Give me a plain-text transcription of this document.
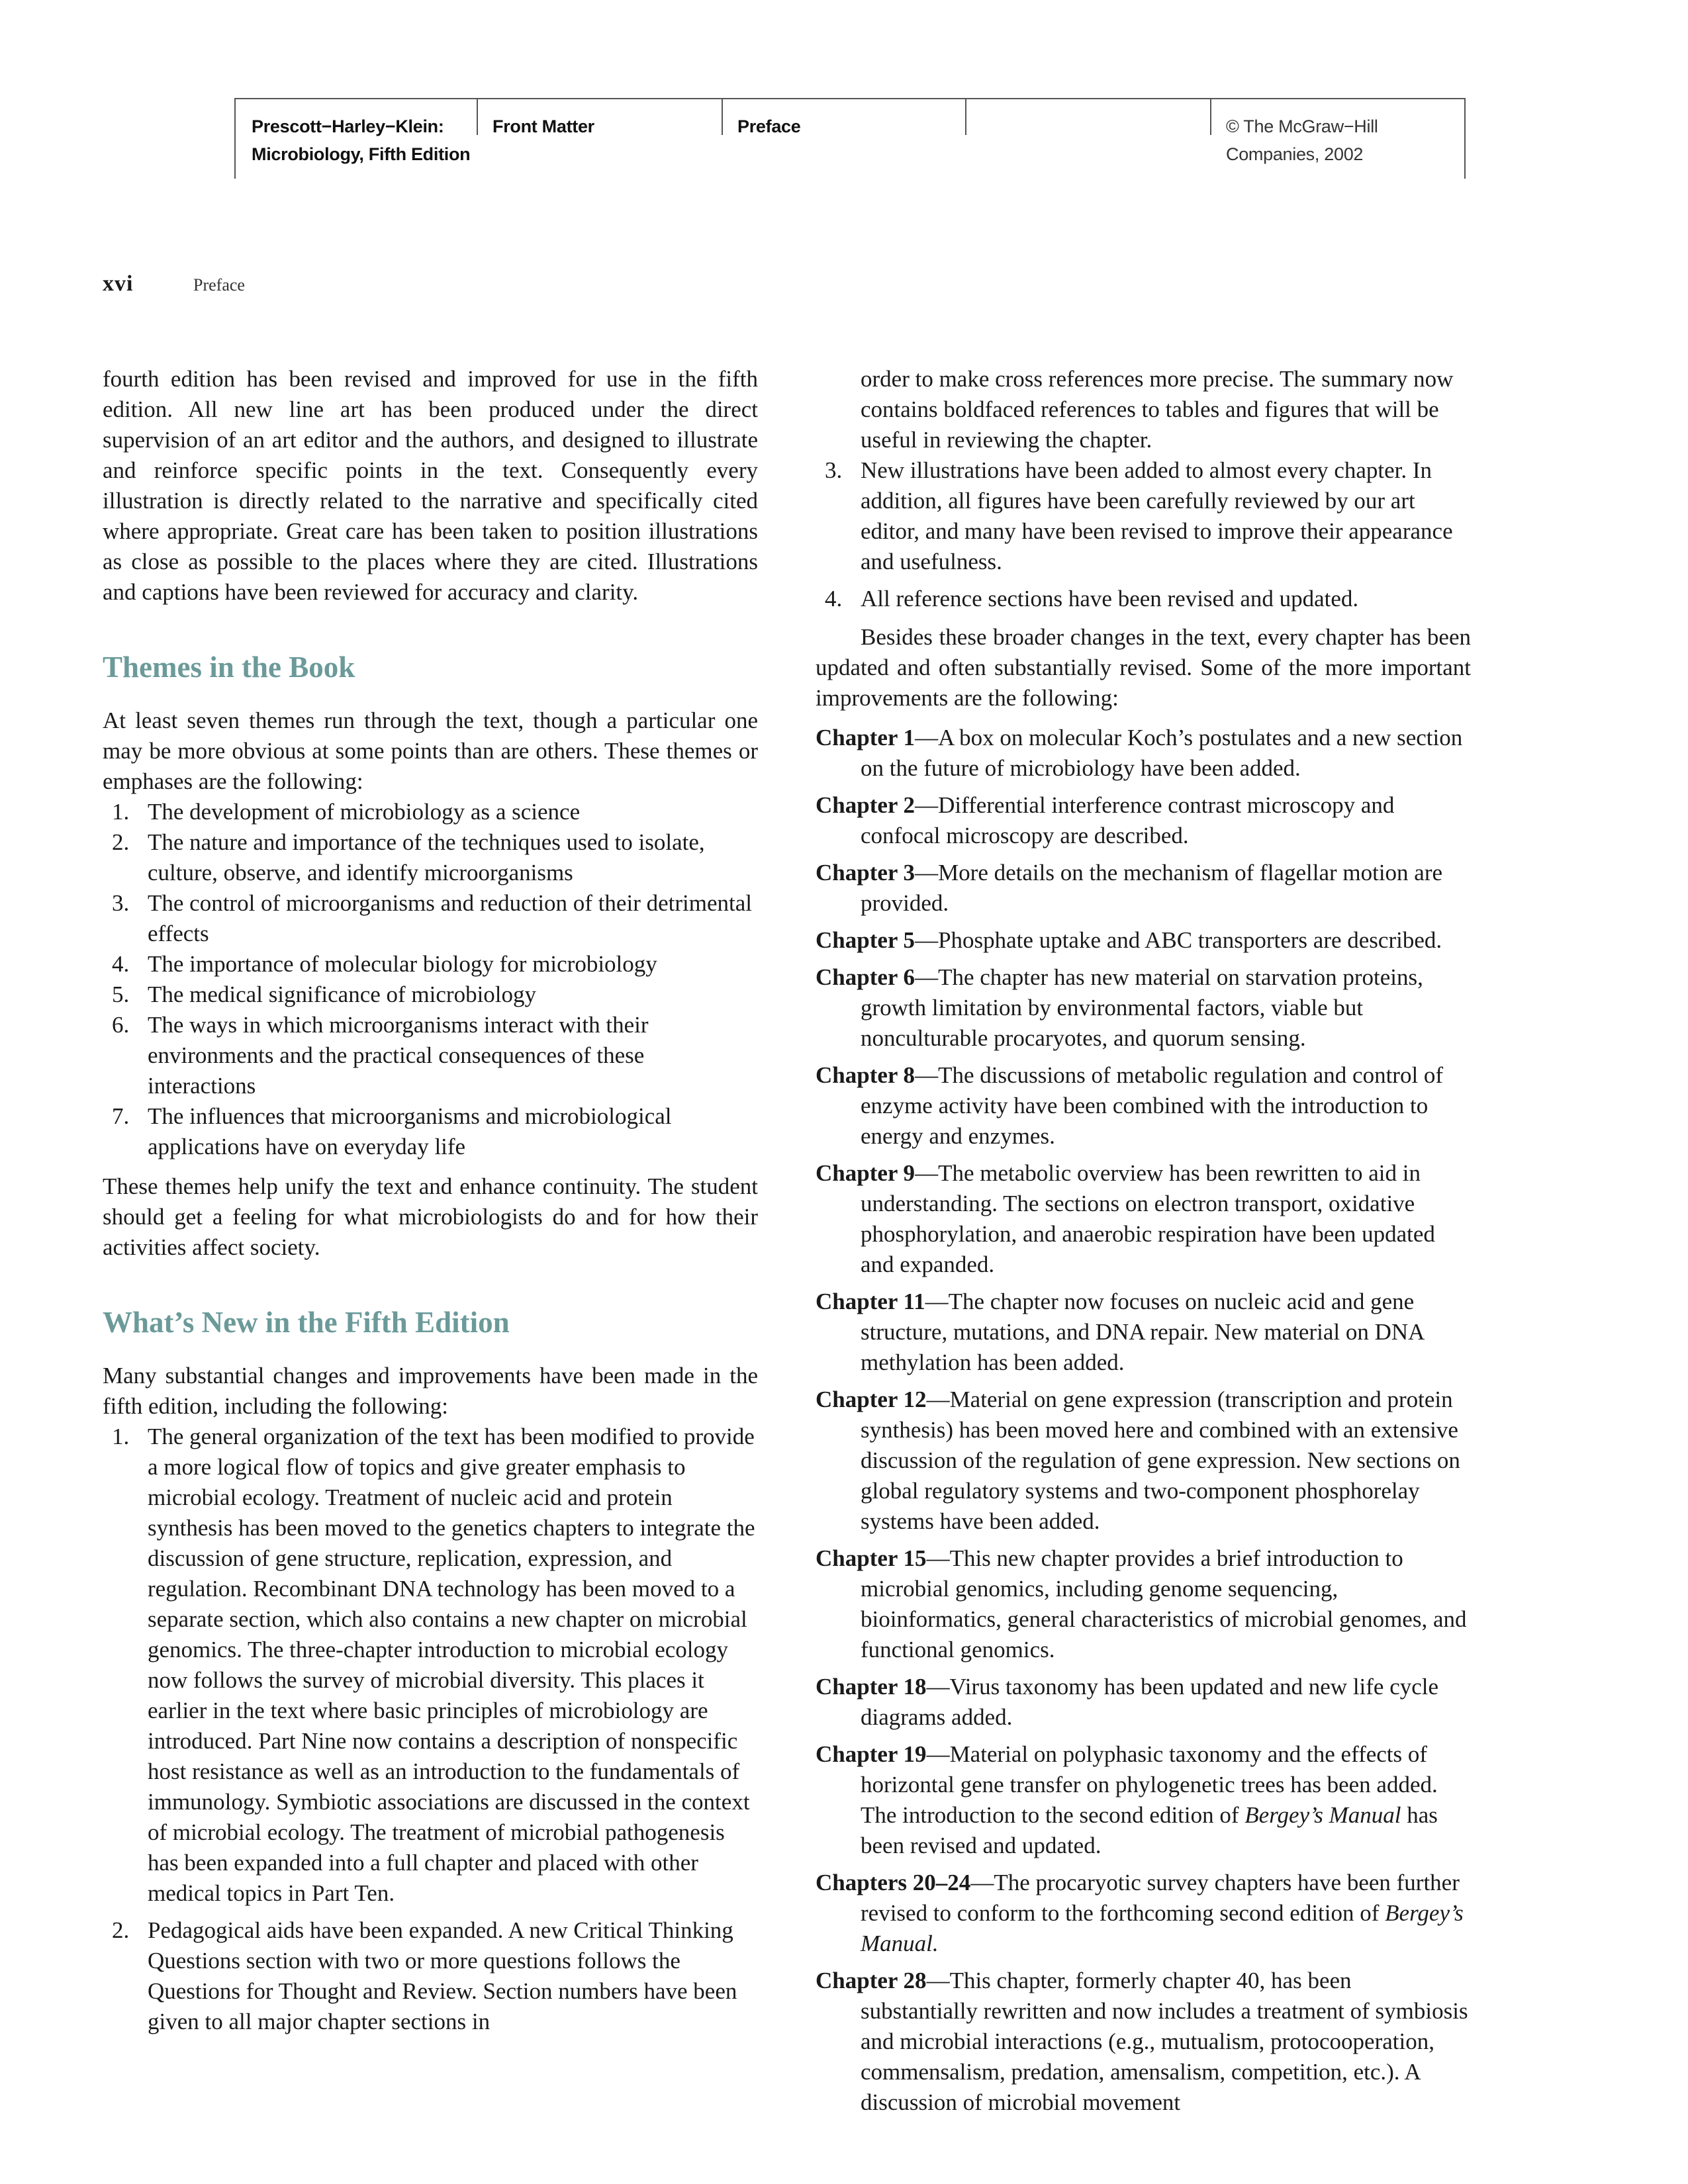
Prescott−Harley−Klein:
Microbiology, Fifth Edition
Front Matter	Preface	© The McGraw−Hill
Companies, 2002
xvi	Preface

fourth edition has been revised and improved for use in the fifth edition. All new line art has been produced under the direct supervision of an art editor and the authors, and designed to illustrate and reinforce specific points in the text. Consequently every illustration is directly related to the narrative and specifically cited where appropriate. Great care has been taken to position illustrations as close as possible to the places where they are cited. Illustrations and captions have been reviewed for accuracy and clarity.

Themes in the Book

At least seven themes run through the text, though a particular one may be more obvious at some points than are others. These themes or emphases are the following:

1. The development of microbiology as a science
2. The nature and importance of the techniques used to isolate, culture, observe, and identify microorganisms
3. The control of microorganisms and reduction of their detrimental effects
4. The importance of molecular biology for microbiology
5. The medical significance of microbiology
6. The ways in which microorganisms interact with their environments and the practical consequences of these interactions
7. The influences that microorganisms and microbiological applications have on everyday life

These themes help unify the text and enhance continuity. The student should get a feeling for what microbiologists do and for how their activities affect society.

What’s New in the Fifth Edition

Many substantial changes and improvements have been made in the fifth edition, including the following:

1. The general organization of the text has been modified to provide a more logical flow of topics and give greater emphasis to microbial ecology. Treatment of nucleic acid and protein synthesis has been moved to the genetics chapters to integrate the discussion of gene structure, replication, expression, and regulation. Recombinant DNA technology has been moved to a separate section, which also contains a new chapter on microbial genomics. The three-chapter introduction to microbial ecology now follows the survey of microbial diversity. This places it earlier in the text where basic principles of microbiology are introduced. Part Nine now contains a description of nonspecific host resistance as well as an introduction to the fundamentals of immunology. Symbiotic associations are discussed in the context of microbial ecology. The treatment of microbial pathogenesis has been expanded into a full chapter and placed with other medical topics in Part Ten.
2. Pedagogical aids have been expanded. A new Critical Thinking Questions section with two or more questions follows the Questions for Thought and Review. Section numbers have been given to all major chapter sections in

order to make cross references more precise. The summary now contains boldfaced references to tables and figures that will be useful in reviewing the chapter.

3. New illustrations have been added to almost every chapter. In addition, all figures have been carefully reviewed by our art editor, and many have been revised to improve their appearance and usefulness.
4. All reference sections have been revised and updated.

Besides these broader changes in the text, every chapter has been updated and often substantially revised. Some of the more important improvements are the following:

Chapter 1—A box on molecular Koch’s postulates and a new section on the future of microbiology have been added.

Chapter 2—Differential interference contrast microscopy and confocal microscopy are described.

Chapter 3—More details on the mechanism of flagellar motion are provided.

Chapter 5—Phosphate uptake and ABC transporters are described.

Chapter 6—The chapter has new material on starvation proteins, growth limitation by environmental factors, viable but nonculturable procaryotes, and quorum sensing.

Chapter 8—The discussions of metabolic regulation and control of enzyme activity have been combined with the introduction to energy and enzymes.

Chapter 9—The metabolic overview has been rewritten to aid in understanding. The sections on electron transport, oxidative phosphorylation, and anaerobic respiration have been updated and expanded.

Chapter 11—The chapter now focuses on nucleic acid and gene structure, mutations, and DNA repair. New material on DNA methylation has been added.

Chapter 12—Material on gene expression (transcription and protein synthesis) has been moved here and combined with an extensive discussion of the regulation of gene expression. New sections on global regulatory systems and two-component phosphorelay systems have been added.

Chapter 15—This new chapter provides a brief introduction to microbial genomics, including genome sequencing, bioinformatics, general characteristics of microbial genomes, and functional genomics.

Chapter 18—Virus taxonomy has been updated and new life cycle diagrams added.

Chapter 19—Material on polyphasic taxonomy and the effects of horizontal gene transfer on phylogenetic trees has been added. The introduction to the second edition of Bergey’s Manual has been revised and updated.

Chapters 20–24—The procaryotic survey chapters have been further revised to conform to the forthcoming second edition of Bergey’s Manual.

Chapter 28—This chapter, formerly chapter 40, has been substantially rewritten and now includes a treatment of symbiosis and microbial interactions (e.g., mutualism, protocooperation, commensalism, predation, amensalism, competition, etc.). A discussion of microbial movement
